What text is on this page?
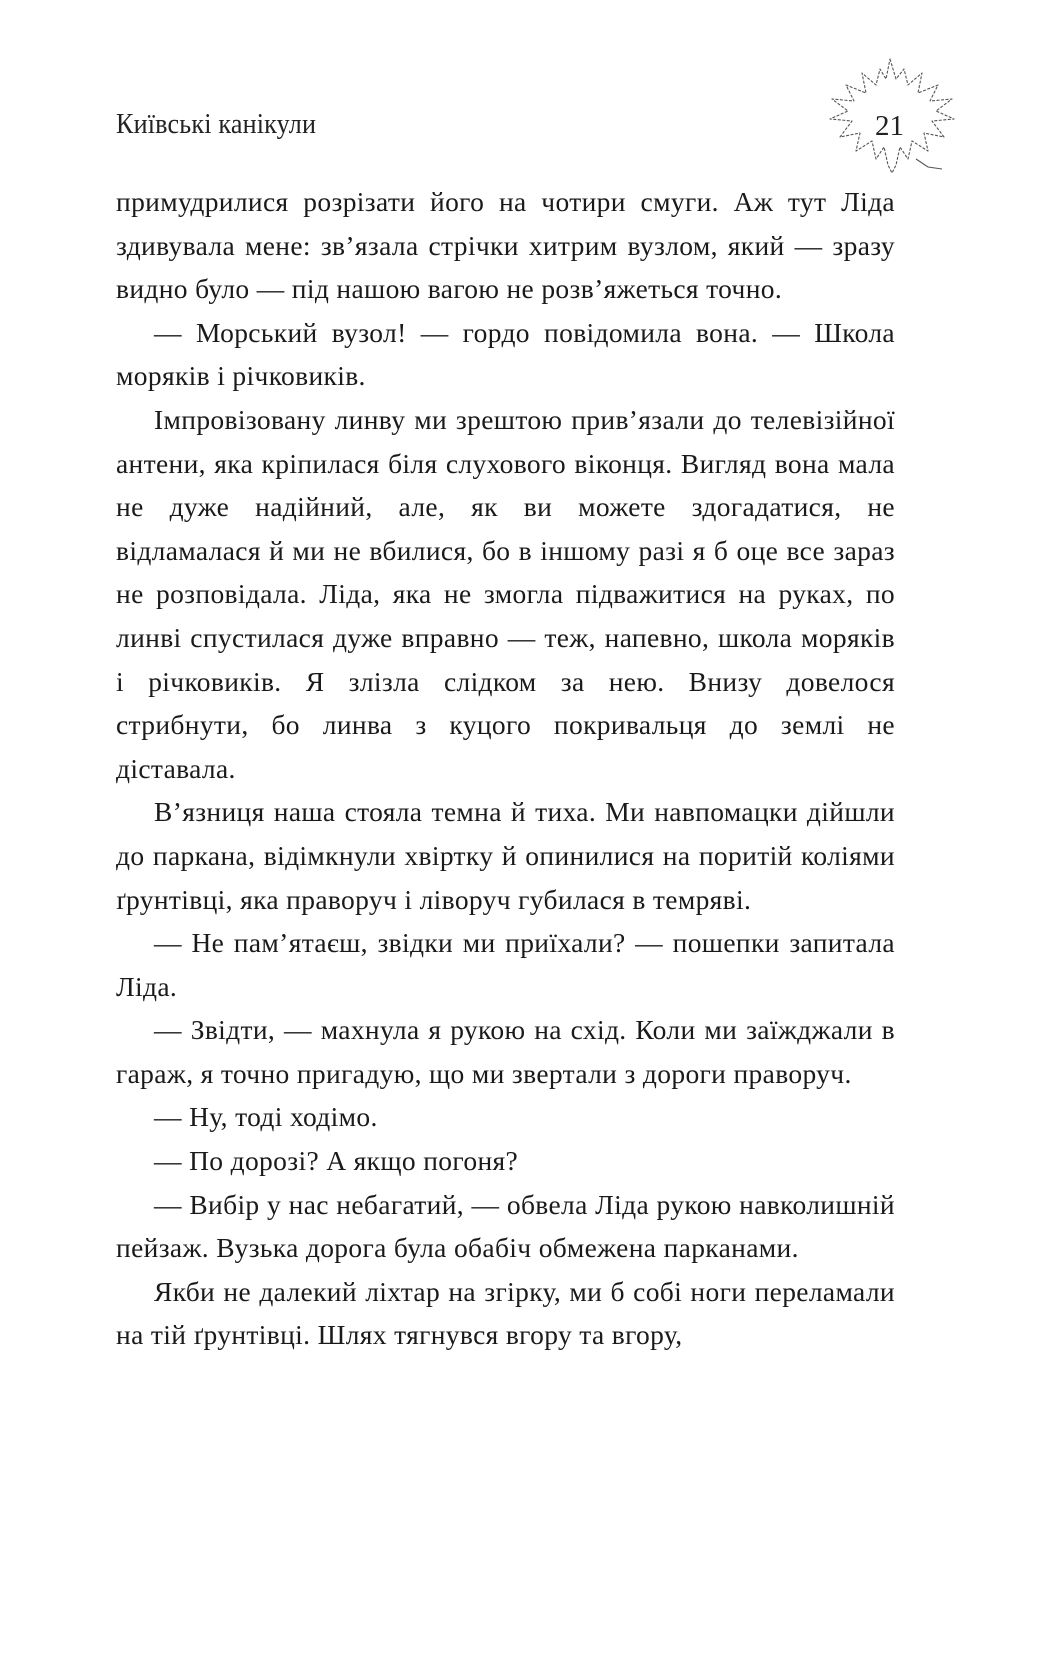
Київські канікули	21

примудрилися розрізати його на чотири смуги. Аж тут Ліда здивувала мене: зв’язала стрічки хитрим вузлом, який — зразу видно було — під нашою вагою не розв’яжеться точно.

— Морський вузол! — гордо повідомила вона. — Школа моряків і річковиків.

Імпровізовану линву ми зрештою прив’язали до телевізійної антени, яка кріпилася біля слухового віконця. Вигляд вона мала не дуже надійний, але, як ви можете здогадатися, не відламалася й ми не вбилися, бо в іншому разі я б оце все зараз не розповідала. Ліда, яка не змогла підважитися на руках, по линві спустилася дуже вправно — теж, напевно, школа моряків і річковиків. Я злізла слідком за нею. Внизу довелося стрибнути, бо линва з куцого покривальця до землі не діставала.

В’язниця наша стояла темна й тиха. Ми навпомацки дійшли до паркана, відімкнули хвіртку й опинилися на поритій коліями ґрунтівці, яка праворуч і ліворуч губилася в темряві.

— Не пам’ятаєш, звідки ми приїхали? — пошепки запитала Ліда.

— Звідти, — махнула я рукою на схід. Коли ми заїжджали в гараж, я точно пригадую, що ми звертали з дороги праворуч.

— Ну, тоді ходімо.

— По дорозі? А якщо погоня?

— Вибір у нас небагатий, — обвела Ліда рукою навколишній пейзаж. Вузька дорога була обабіч обмежена парканами.

Якби не далекий ліхтар на згірку, ми б собі ноги переламали на тій ґрунтівці. Шлях тягнувся вгору та вгору,
